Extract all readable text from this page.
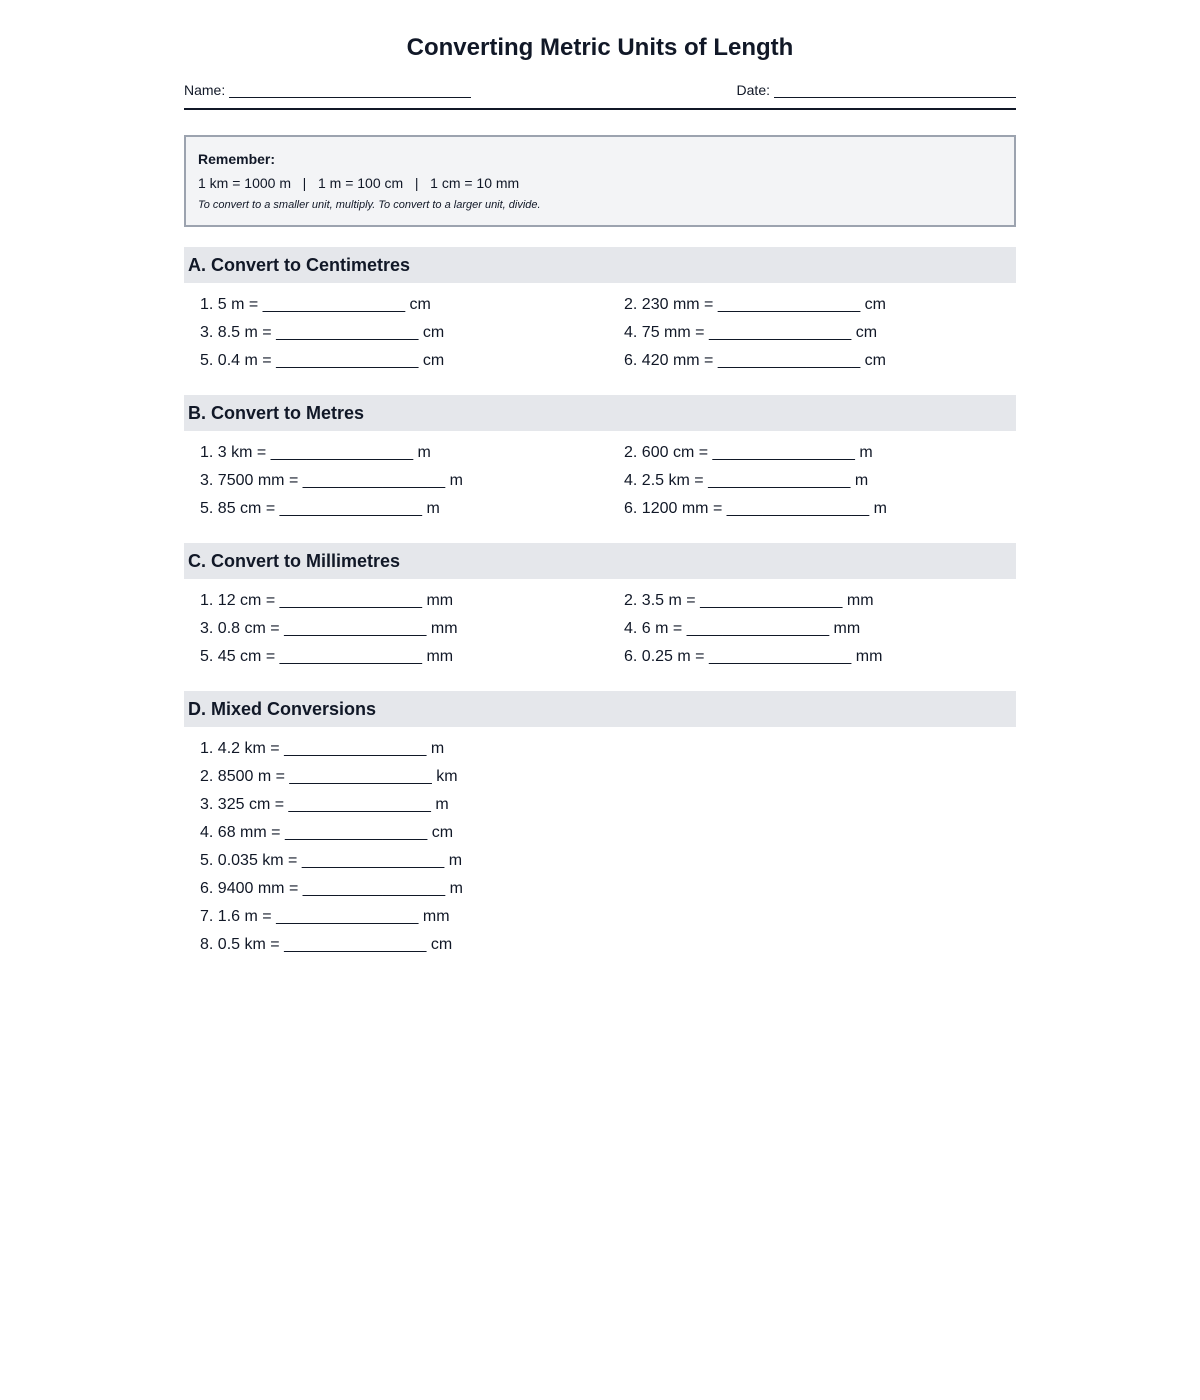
Converting Metric Units of Length
Name:	Date:
Remember:
1 km = 1000 m   |   1 m = 100 cm   |   1 cm = 10 mm
To convert to a smaller unit, multiply. To convert to a larger unit, divide.
A. Convert to Centimetres
1. 5 m = ________________ cm	2. 230 mm = ________________ cm
3. 8.5 m = ________________ cm	4. 75 mm = ________________ cm
5. 0.4 m = ________________ cm	6. 420 mm = ________________ cm
B. Convert to Metres
1. 3 km = ________________ m	2. 600 cm = ________________ m
3. 7500 mm = ________________ m	4. 2.5 km = ________________ m
5. 85 cm = ________________ m	6. 1200 mm = ________________ m
C. Convert to Millimetres
1. 12 cm = ________________ mm	2. 3.5 m = ________________ mm
3. 0.8 cm = ________________ mm	4. 6 m = ________________ mm
5. 45 cm = ________________ mm	6. 0.25 m = ________________ mm
D. Mixed Conversions
1. 4.2 km = ________________ m
2. 8500 m = ________________ km
3. 325 cm = ________________ m
4. 68 mm = ________________ cm
5. 0.035 km = ________________ m
6. 9400 mm = ________________ m
7. 1.6 m = ________________ mm
8. 0.5 km = ________________ cm
